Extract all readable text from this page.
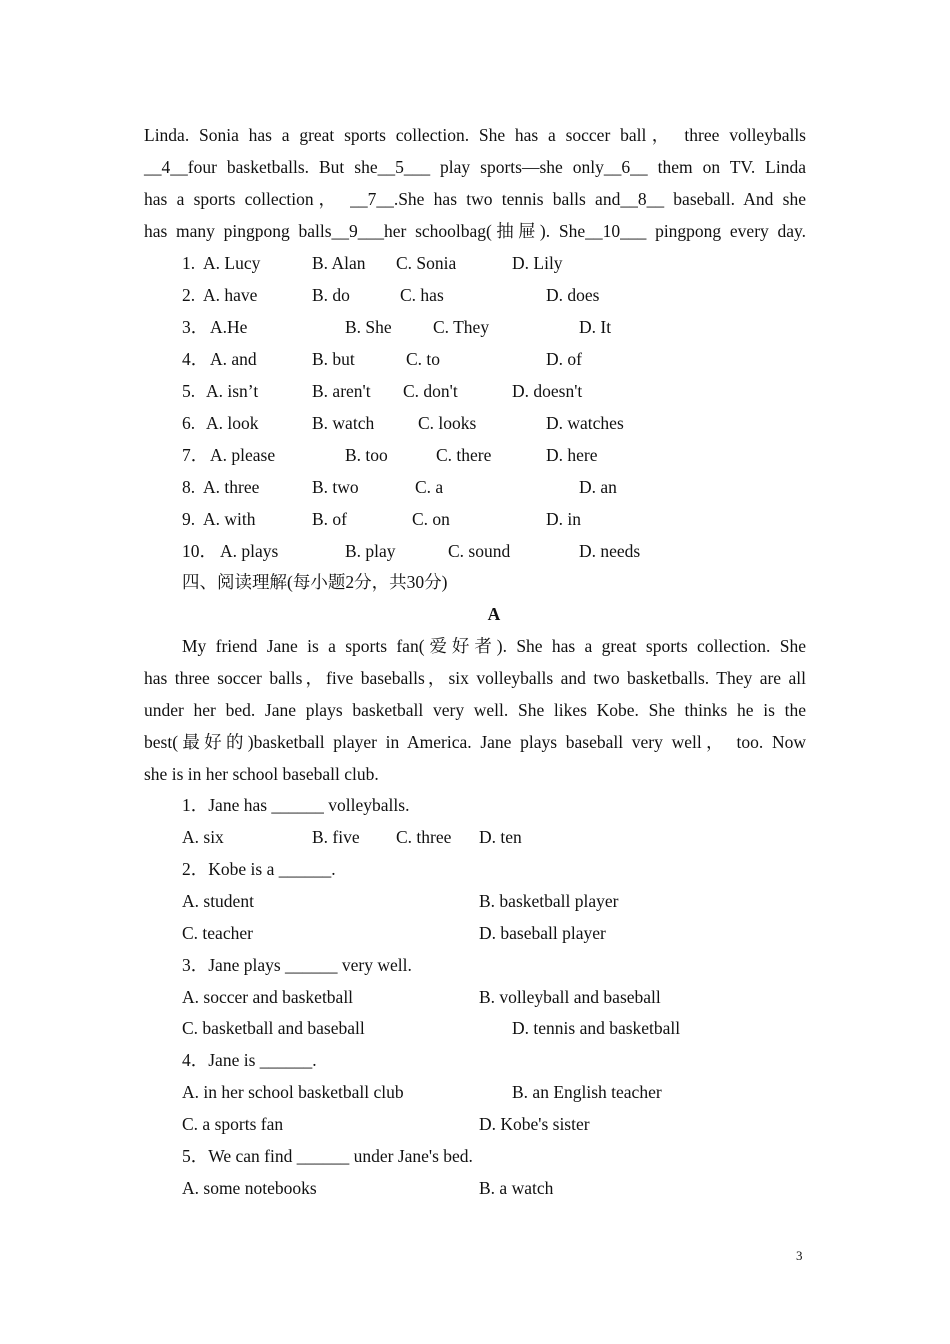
Linda. Sonia has a great sports collection. She has a soccer ball， three volleyballs
__4__four basketballs. But she__5___ play sports—she only__6__ them on TV. Linda
has a sports collection， __7__.She has two tennis balls and__8__ baseball. And she
has many pingpong balls__9___her schoolbag(抽屉). She__10___ pingpong every day.
1. A. Lucy	B. Alan C. Sonia	D. Lily
2. A. have	B. do	C. has	D. does
3． A.He	B. She C. They	D. It
4． A. and	B. but	C. to	D. of
5. A. isn’t	B. aren't C. don't	D. doesn't
6. A. look	B. watch	C. looks	D. watches
7． A. please	B. too	C. there	D. here
8. A. three	B. two	C. a	D. an
9. A. with	B. of	C. on	D. in
10． A. plays	B. play	C. sound	D. needs
四、阅读理解(每小题2分，共30分)
A
My friend Jane is a sports fan(爱好者). She has a great sports collection. She
has three soccer balls，five baseballs，six volleyballs and two basketballs. They are all
under her bed. Jane plays basketball very well. She likes Kobe. She thinks he is the
best(最好的)basketball player in America. Jane plays baseball very well， too. Now
she is in her school baseball club.
1．Jane has ______ volleyballs.
A. six	B. five C. three D. ten
2．Kobe is a ______.
A. student	B. basketball player
C. teacher	D. baseball player
3．Jane plays ______ very well.
A. soccer and basketball	B. volleyball and baseball
C. basketball and baseball	D. tennis and basketball
4．Jane is ______.
A. in her school basketball club	B. an English teacher
C. a sports fan	D. Kobe's sister
5．We can find ______ under Jane's bed.
A. some notebooks	B. a watch
3
